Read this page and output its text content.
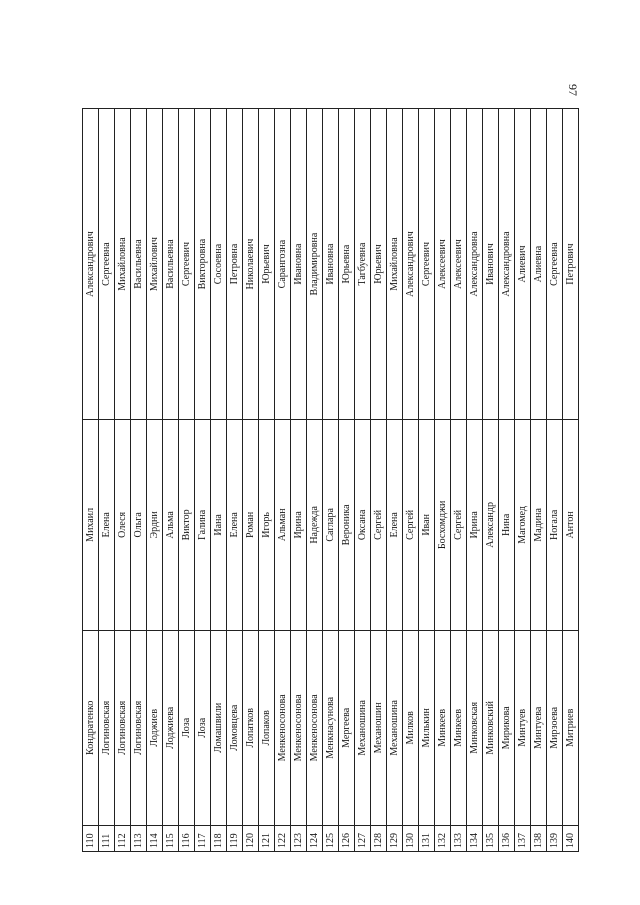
97
110
Кондратенко
Михаил
Александрович
111
Логиновская
Елена
Сергеевна
112
Логиновская
Олеся
Михайловна
113
Логиновская
Ольга
Васильевна
114
Лоджиев
Эрдни
Михайлович
115
Лоджиева
Альма
Васильевна
116
Лоза
Виктор
Сергеевич
117
Лоза
Галина
Викторовна
118
Ломашвили
Иана
Сосоевна
119
Ломовцева
Елена
Петровна
120
Лопатков
Роман
Николаевич
121
Лопаков
Игорь
Юрьевич
122
Менкеносонова
Альман
Сарангозна
123
Менкеносонова
Ирина
Ивановна
124
Менкеносонова
Надежда
Владимировна
125
Менкнасунова
Саглара
Ивановна
126
Мергеева
Вероника
Юрьевна
127
Механошина
Оксана
Тагбуевна
128
Механошин
Сергей
Юрьевич
129
Механошина
Елена
Михайловна
130
Милков
Сергей
Александрович
131
Милькин
Иван
Сергеевич
132
Минкеев
Босхомджи
Алексеевич
133
Минкеев
Сергей
Алексеевич
134
Минковская
Ирина
Александровна
135
Минковский
Александр
Иванович
136
Мирикова
Нина
Александровна
137
Минтуев
Магомед
Алиевич
138
Минтуева
Мадина
Алиевна
139
Мирзоева
Ногала
Сергеевна
140
Митриев
Антон
Петрович
